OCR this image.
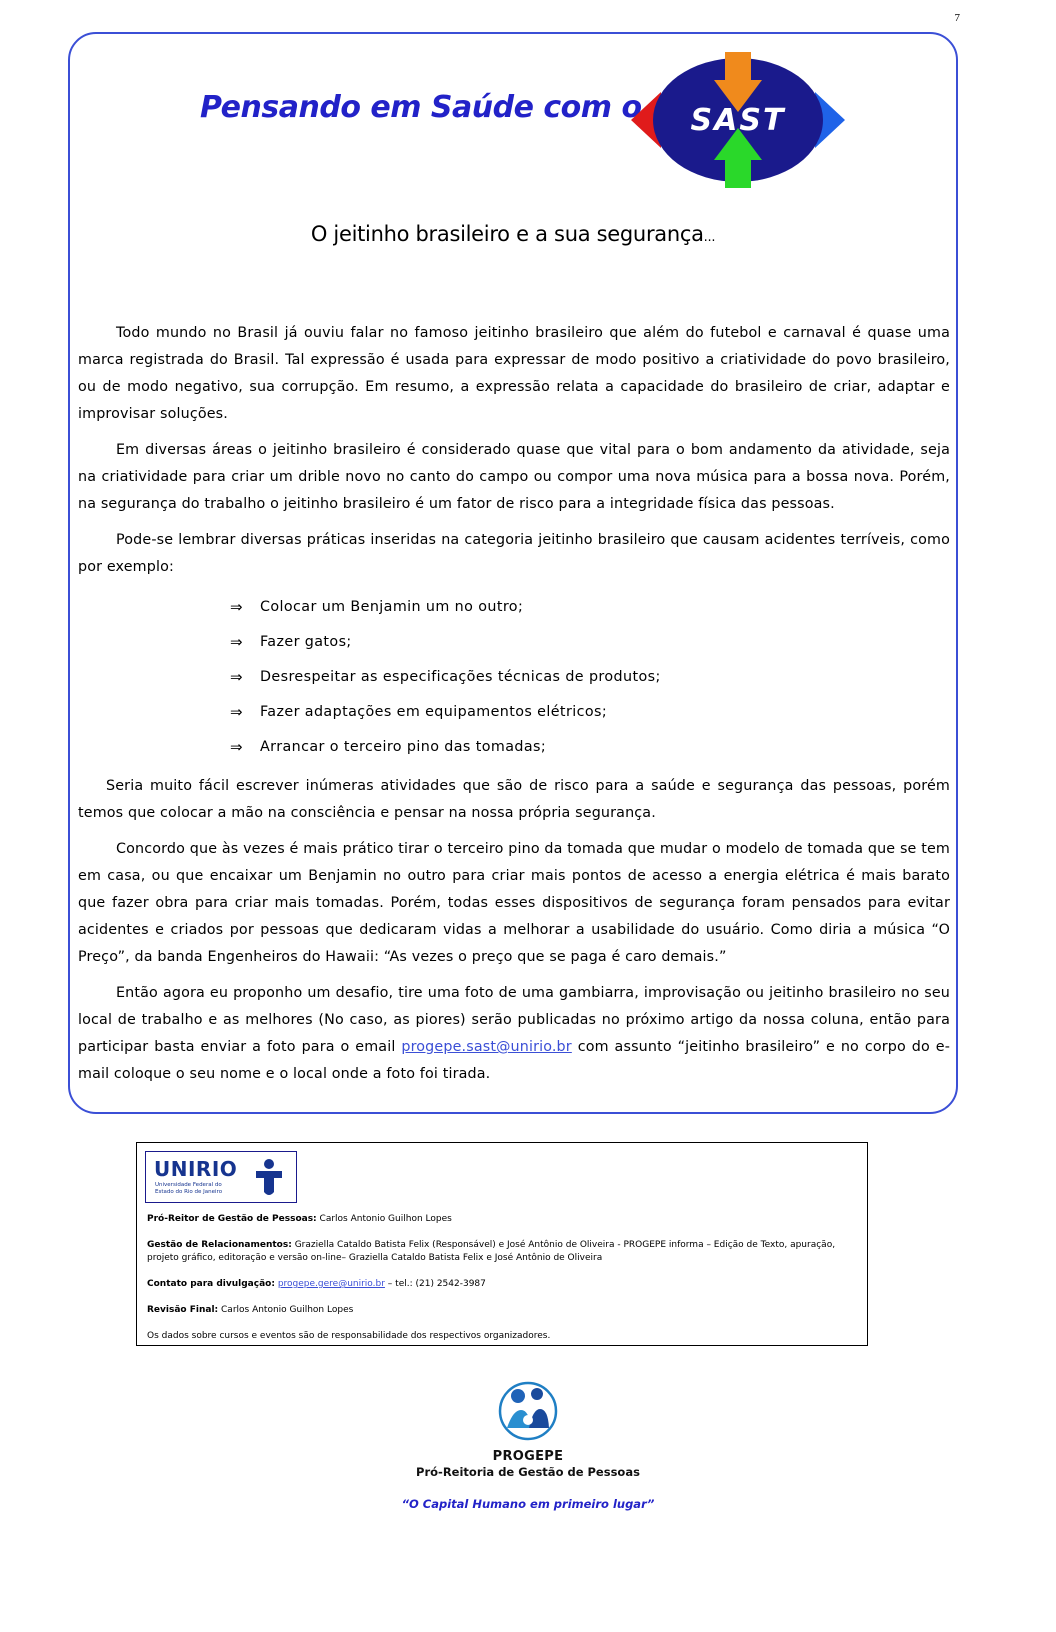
7
Pensando em Saúde com o SAST
O jeitinho brasileiro e a sua segurança...

Todo mundo no Brasil já ouviu falar no famoso jeitinho brasileiro que além do futebol e carnaval é quase uma marca registrada do Brasil. Tal expressão é usada para expressar de modo positivo a criatividade do povo brasileiro, ou de modo negativo, sua corrupção. Em resumo, a expressão relata a capacidade do brasileiro de criar, adaptar e improvisar soluções.

Em diversas áreas o jeitinho brasileiro é considerado quase que vital para o bom andamento da atividade, seja na criatividade para criar um drible novo no canto do campo ou compor uma nova música para a bossa nova. Porém, na segurança do trabalho o jeitinho brasileiro é um fator de risco para a integridade física das pessoas.

Pode-se lembrar diversas práticas inseridas na categoria jeitinho brasileiro que causam acidentes terríveis, como por exemplo:

⇒ Colocar um Benjamin um no outro;
⇒ Fazer gatos;
⇒ Desrespeitar as especificações técnicas de produtos;
⇒ Fazer adaptações em equipamentos elétricos;
⇒ Arrancar o terceiro pino das tomadas;

Seria muito fácil escrever inúmeras atividades que são de risco para a saúde e segurança das pessoas, porém temos que colocar a mão na consciência e pensar na nossa própria segurança.

Concordo que às vezes é mais prático tirar o terceiro pino da tomada que mudar o modelo de tomada que se tem em casa, ou que encaixar um Benjamin no outro para criar mais pontos de acesso a energia elétrica é mais barato que fazer obra para criar mais tomadas. Porém, todas esses dispositivos de segurança foram pensados para evitar acidentes e criados por pessoas que dedicaram vidas a melhorar a usabilidade do usuário. Como diria a música “O Preço”, da banda Engenheiros do Hawaii: “As vezes o preço que se paga é caro demais.”

Então agora eu proponho um desafio, tire uma foto de uma gambiarra, improvisação ou jeitinho brasileiro no seu local de trabalho e as melhores (No caso, as piores) serão publicadas no próximo artigo da nossa coluna, então para participar basta enviar a foto para o email progepe.sast@unirio.br com assunto “jeitinho brasileiro” e no corpo do e-mail coloque o seu nome e o local onde a foto foi tirada.

UNIRIO
Universidade Federal do
Estado do Rio de Janeiro
Pró-Reitor de Gestão de Pessoas: Carlos Antonio Guilhon Lopes
Gestão de Relacionamentos: Graziella Cataldo Batista Felix (Responsável) e José Antônio de Oliveira - PROGEPE informa – Edição de Texto, apuração, projeto gráfico, editoração e versão on-line– Graziella Cataldo Batista Felix e José Antônio de Oliveira
Contato para divulgação: progepe.gere@unirio.br – tel.: (21) 2542-3987
Revisão Final: Carlos Antonio Guilhon Lopes
Os dados sobre cursos e eventos são de responsabilidade dos respectivos organizadores.
PROGEPE
Pró-Reitoria de Gestão de Pessoas
“O Capital Humano em primeiro lugar”
